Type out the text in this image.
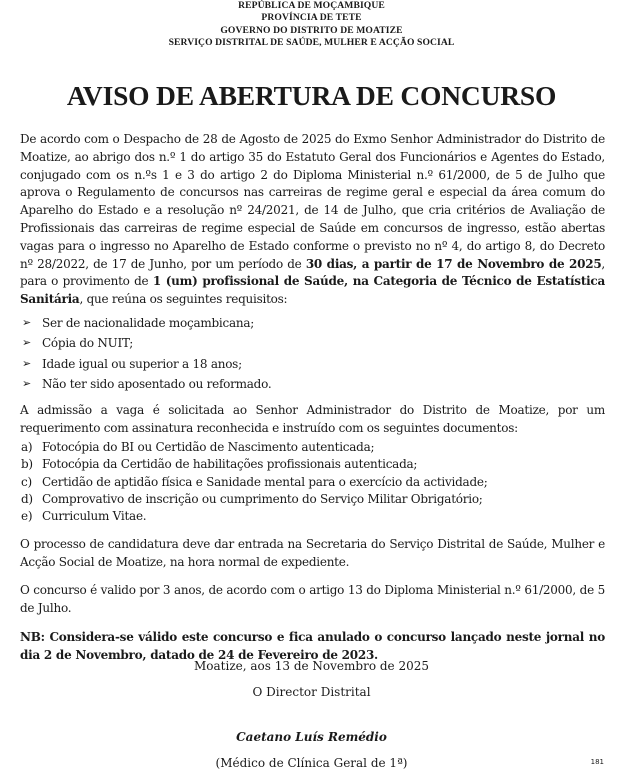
REPÚBLICA DE MOÇAMBIQUE
PROVÍNCIA DE TETE
GOVERNO DO DISTRITO DE MOATIZE
SERVIÇO DISTRITAL DE SAÚDE, MULHER E ACÇÃO SOCIAL
AVISO DE ABERTURA DE CONCURSO

De acordo com o Despacho de 28 de Agosto de 2025 do Exmo Senhor Administrador do Distrito de Moatize, ao abrigo dos n.º 1 do artigo 35 do Estatuto Geral dos Funcionários e Agentes do Estado, conjugado com os n.ºs 1 e 3 do artigo 2 do Diploma Ministerial n.º 61/2000, de 5 de Julho que aprova o Regulamento de concursos nas carreiras de regime geral e especial da área comum do Aparelho do Estado e a resolução nº 24/2021, de 14 de Julho, que cria critérios de Avaliação de Profissionais das carreiras de regime especial de Saúde em concursos de ingresso, estão abertas vagas para o ingresso no Aparelho de Estado conforme o previsto no nº 4, do artigo 8, do Decreto nº 28/2022, de 17 de Junho, por um período de 30 dias, a partir de 17 de Novembro de 2025, para o provimento de 1 (um) profissional de Saúde, na Categoria de Técnico de Estatística Sanitária, que reúna os seguintes requisitos:

➢ Ser de nacionalidade moçambicana;
➢ Cópia do NUIT;
➢ Idade igual ou superior a 18 anos;
➢ Não ter sido aposentado ou reformado.

A admissão a vaga é solicitada ao Senhor Administrador do Distrito de Moatize, por um requerimento com assinatura reconhecida e instruído com os seguintes documentos:

a) Fotocópia do BI ou Certidão de Nascimento autenticada;
b) Fotocópia da Certidão de habilitações profissionais autenticada;
c) Certidão de aptidão física e Sanidade mental para o exercício da actividade;
d) Comprovativo de inscrição ou cumprimento do Serviço Militar Obrigatório;
e) Curriculum Vitae.

O processo de candidatura deve dar entrada na Secretaria do Serviço Distrital de Saúde, Mulher e Acção Social de Moatize, na hora normal de expediente.

O concurso é valido por 3 anos, de acordo com o artigo 13 do Diploma Ministerial n.º 61/2000, de 5 de Julho.

NB: Considera-se válido este concurso e fica anulado o concurso lançado neste jornal no dia 2 de Novembro, datado de 24 de Fevereiro de 2023.

Moatize, aos 13 de Novembro de 2025
O Director Distrital
Caetano Luís Remédio
(Médico de Clínica Geral de 1ª)	181
